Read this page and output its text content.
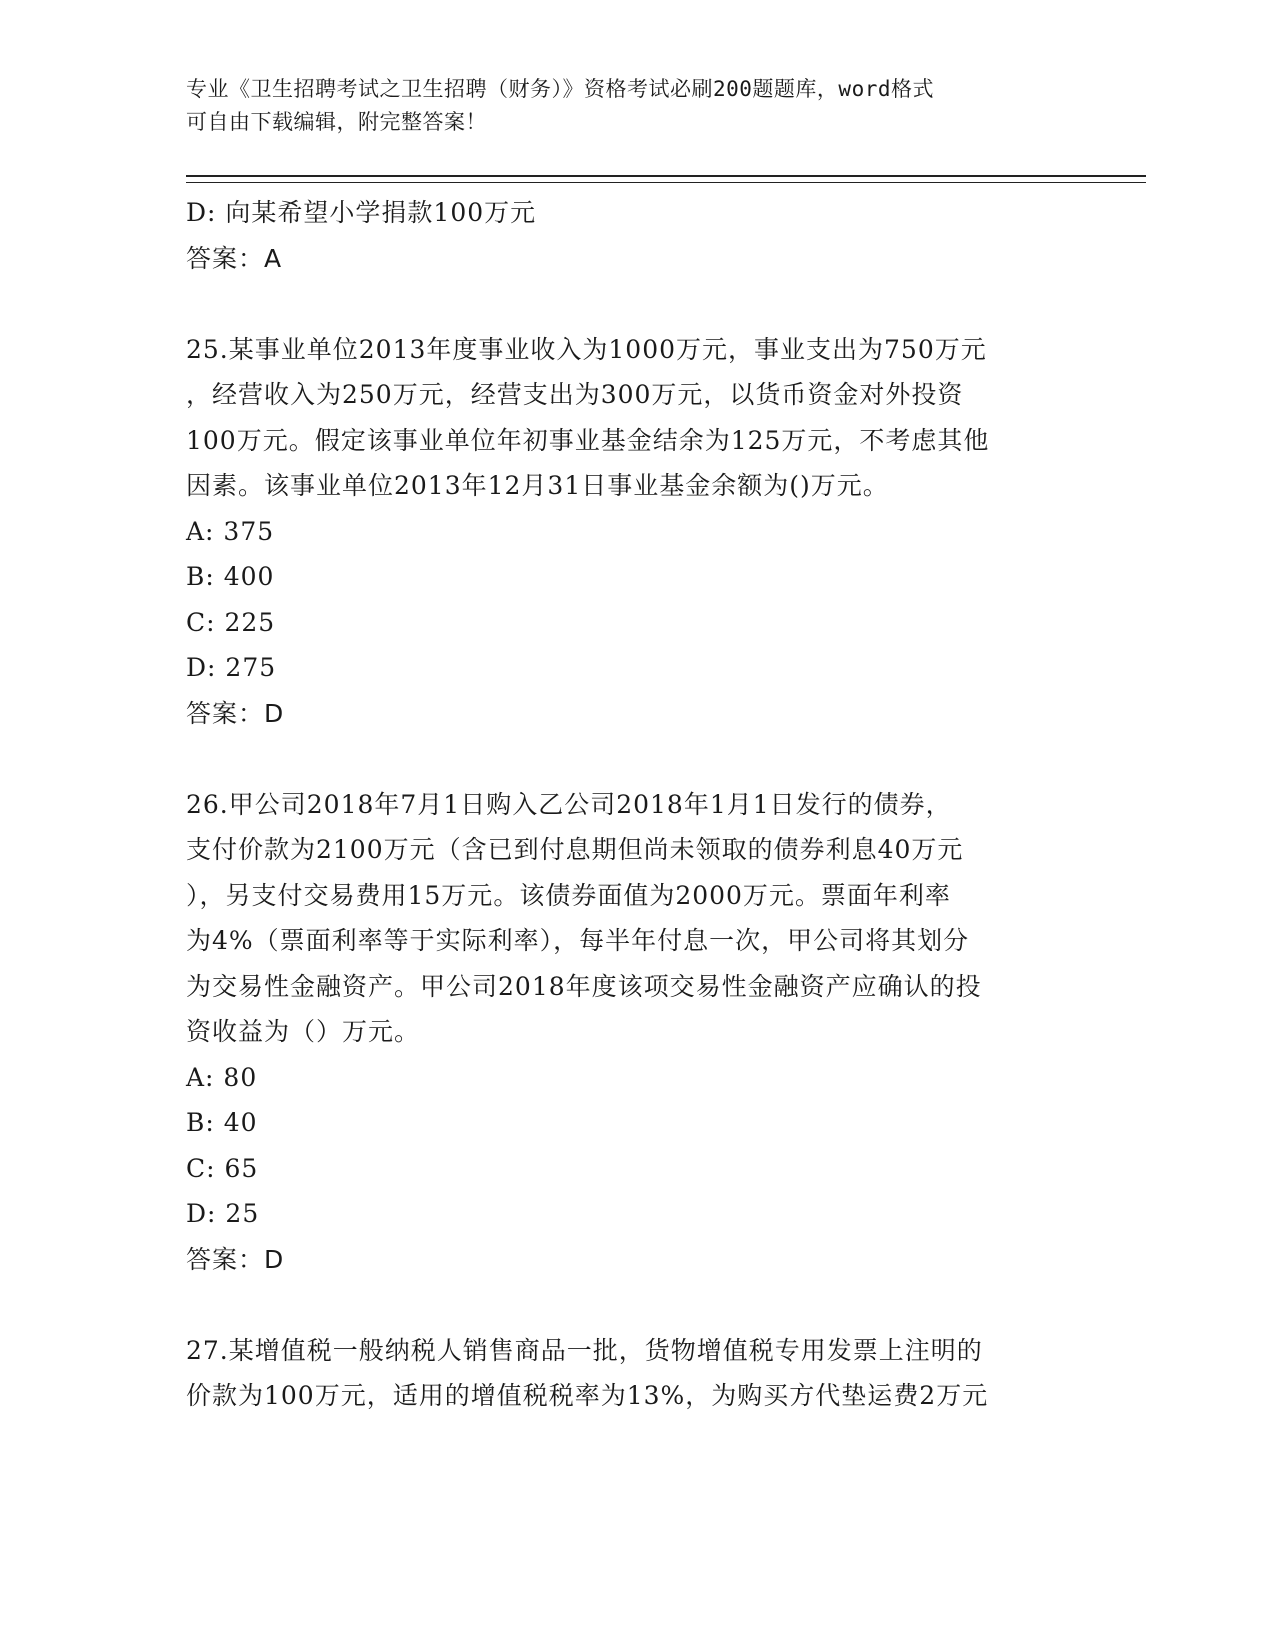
专业《卫生招聘考试之卫生招聘（财务）》资格考试必刷200题题库，word格式
可自由下载编辑，附完整答案！
D: 向某希望小学捐款100万元
答案：A
25.某事业单位2013年度事业收入为1000万元，事业支出为750万元
，经营收入为250万元，经营支出为300万元，以货币资金对外投资
100万元。假定该事业单位年初事业基金结余为125万元，不考虑其他
因素。该事业单位2013年12月31日事业基金余额为()万元。
A: 375
B: 400
C: 225
D: 275
答案：D
26.甲公司2018年7月1日购入乙公司2018年1月1日发行的债券，
支付价款为2100万元（含已到付息期但尚未领取的债券利息40万元
），另支付交易费用15万元。该债券面值为2000万元。票面年利率
为4%（票面利率等于实际利率），每半年付息一次，甲公司将其划分
为交易性金融资产。甲公司2018年度该项交易性金融资产应确认的投
资收益为（）万元。
A: 80
B: 40
C: 65
D: 25
答案：D
27.某增值税一般纳税人销售商品一批，货物增值税专用发票上注明的
价款为100万元，适用的增值税税率为13%，为购买方代垫运费2万元
